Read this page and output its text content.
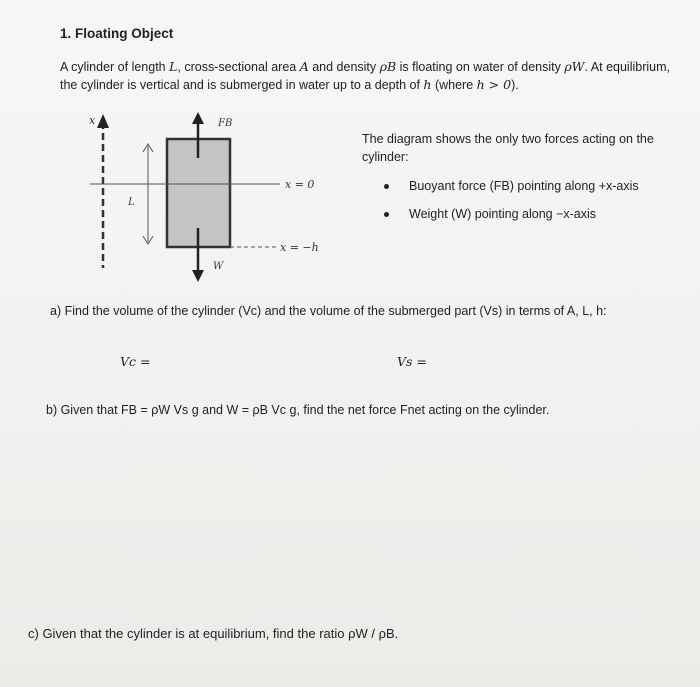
1. Floating Object
A cylinder of length L, cross-sectional area A and density ρB is floating on water of density ρW. At equilibrium, the cylinder is vertical and is submerged in water up to a depth of h (where h > 0).
x
L
x = 0
x = −h
FB
W
The diagram shows the only two forces acting on the cylinder:
Buoyant force (FB) pointing along +x-axis
Weight (W) pointing along −x-axis
a) Find the volume of the cylinder (Vc) and the volume of the submerged part (Vs) in terms of A, L, h:
Vc =	Vs =
b) Given that FB = ρW Vs g and W = ρB Vc g, find the net force Fnet acting on the cylinder.
c) Given that the cylinder is at equilibrium, find the ratio ρW / ρB.
